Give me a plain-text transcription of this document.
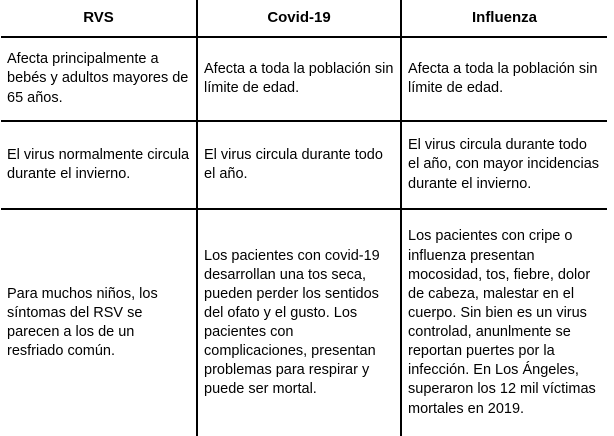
RVS	Covid-19	Influenza

Afecta principalmente a bebés y adultos mayores de 65 años.	Afecta a toda la población sin límite de edad.	Afecta a toda la población sin límite de edad.

El virus normalmente circula durante el invierno.	El virus circula durante todo el año.	El virus circula durante todo el año, con mayor incidencias durante el invierno.

Para muchos niños, los síntomas del RSV se parecen a los de un resfriado común.	Los pacientes con covid-19 desarrollan una tos seca, pueden perder los sentidos del ofato y el gusto. Los pacientes con complicaciones, presentan problemas para respirar y puede ser mortal.	Los pacientes con cripe o influenza presentan mocosidad, tos, fiebre, dolor de cabeza, malestar en el cuerpo. Sin bien es un virus controlad, anunlmente se reportan puertes por la infección. En Los Ángeles, superaron los 12 mil víctimas mortales en 2019.
